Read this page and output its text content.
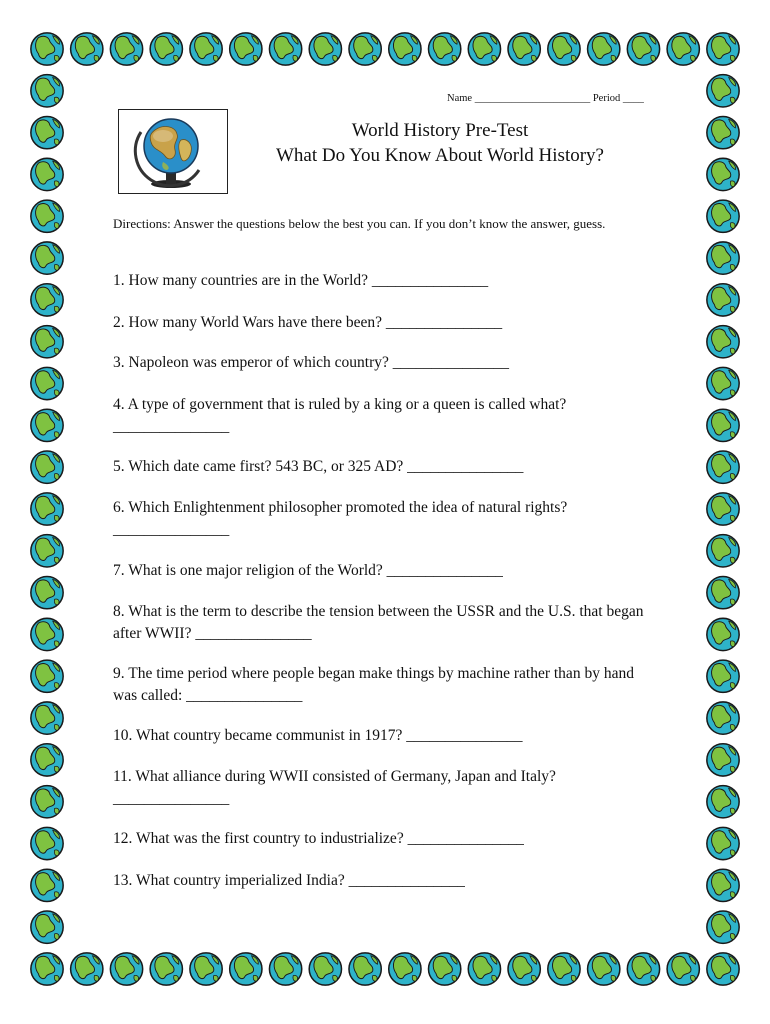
Name ______________________ Period ____
World History Pre-Test
What Do You Know About World History?
Directions: Answer the questions below the best you can. If you don’t know the answer, guess.
1. How many countries are in the World? _______________
2. How many World Wars have there been? _______________
3. Napoleon was emperor of which country? _______________
4. A type of government that is ruled by a king or a queen is called what? _______________
5. Which date came first? 543 BC, or 325 AD? _______________
6. Which Enlightenment philosopher promoted the idea of natural rights? _______________
7. What is one major religion of the World? _______________
8. What is the term to describe the tension between the USSR and the U.S. that began after WWII? _______________
9. The time period where people began make things by machine rather than by hand was called: _______________
10. What country became communist in 1917? _______________
11. What alliance during WWII consisted of Germany, Japan and Italy? _______________
12. What was the first country to industrialize? _______________
13. What country imperialized India? _______________
